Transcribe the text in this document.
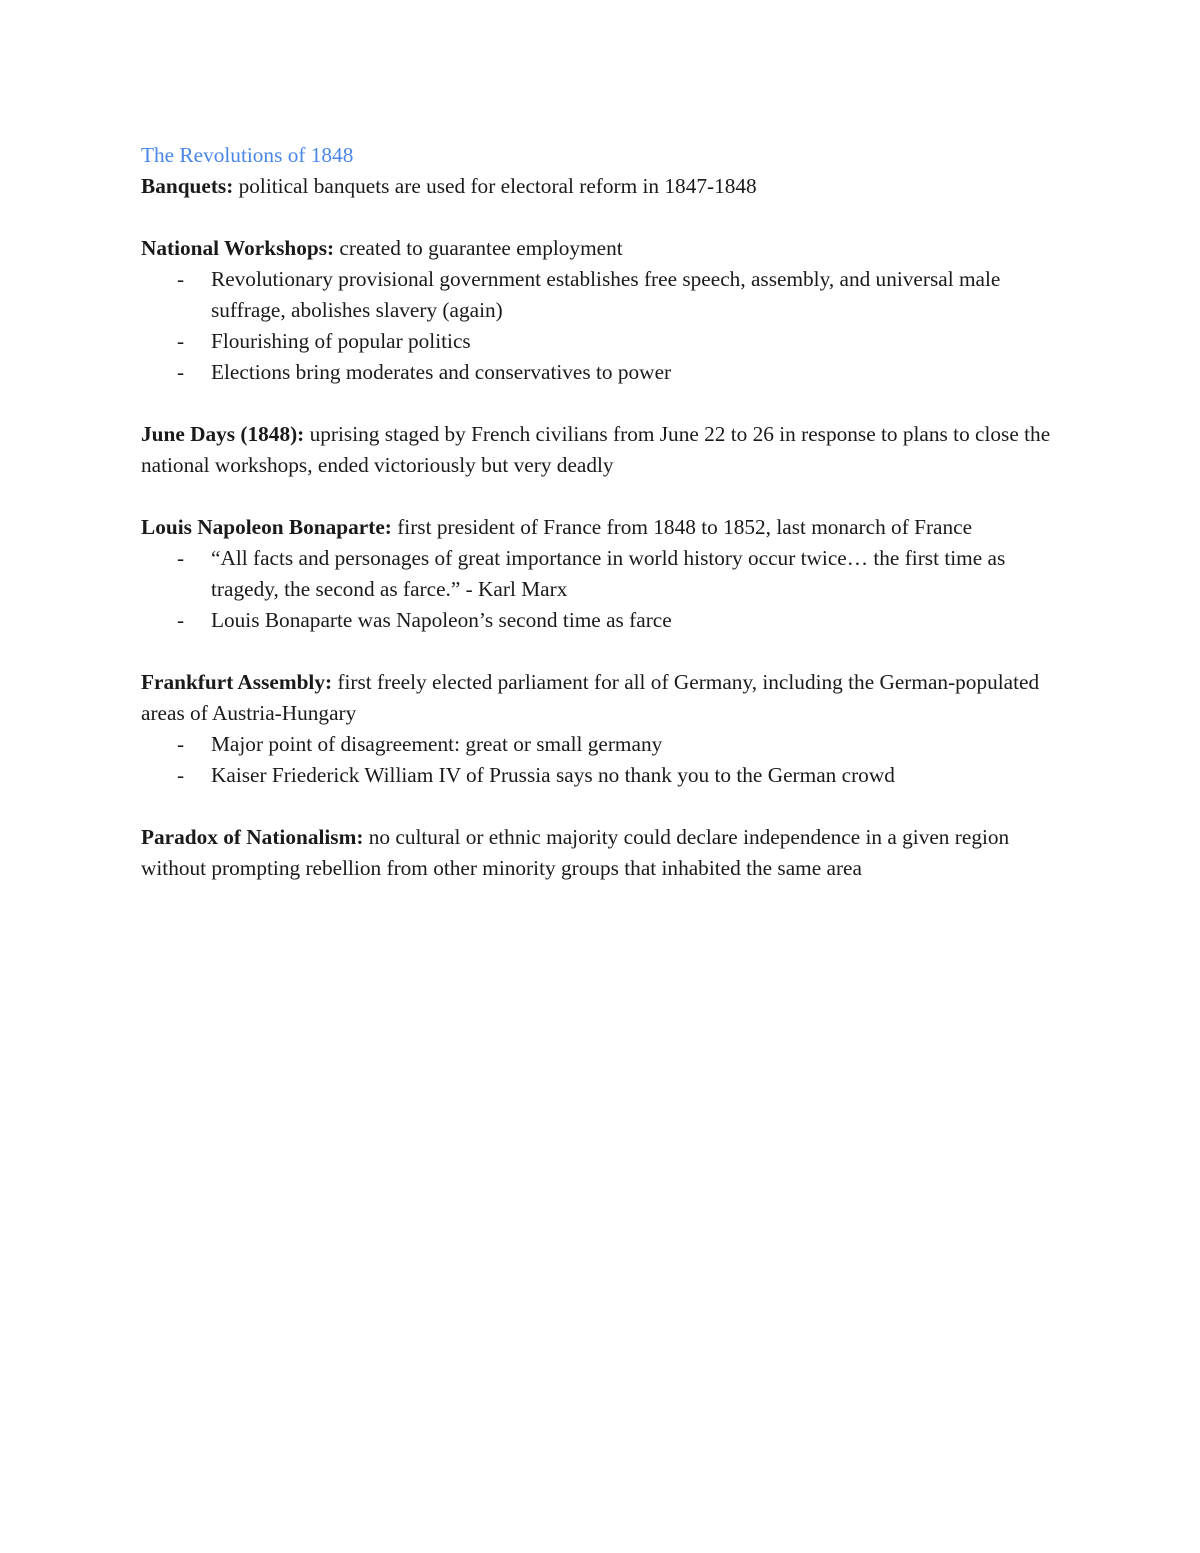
The Revolutions of 1848

Banquets: political banquets are used for electoral reform in 1847-1848

National Workshops: created to guarantee employment

- Revolutionary provisional government establishes free speech, assembly, and universal male suffrage, abolishes slavery (again)
- Flourishing of popular politics
- Elections bring moderates and conservatives to power

June Days (1848): uprising staged by French civilians from June 22 to 26 in response to plans to close the national workshops, ended victoriously but very deadly

Louis Napoleon Bonaparte: first president of France from 1848 to 1852, last monarch of France

- “All facts and personages of great importance in world history occur twice… the first time as tragedy, the second as farce.” - Karl Marx
- Louis Bonaparte was Napoleon’s second time as farce

Frankfurt Assembly: first freely elected parliament for all of Germany, including the German-populated areas of Austria-Hungary

- Major point of disagreement: great or small germany
- Kaiser Friederick William IV of Prussia says no thank you to the German crowd

Paradox of Nationalism: no cultural or ethnic majority could declare independence in a given region without prompting rebellion from other minority groups that inhabited the same area
